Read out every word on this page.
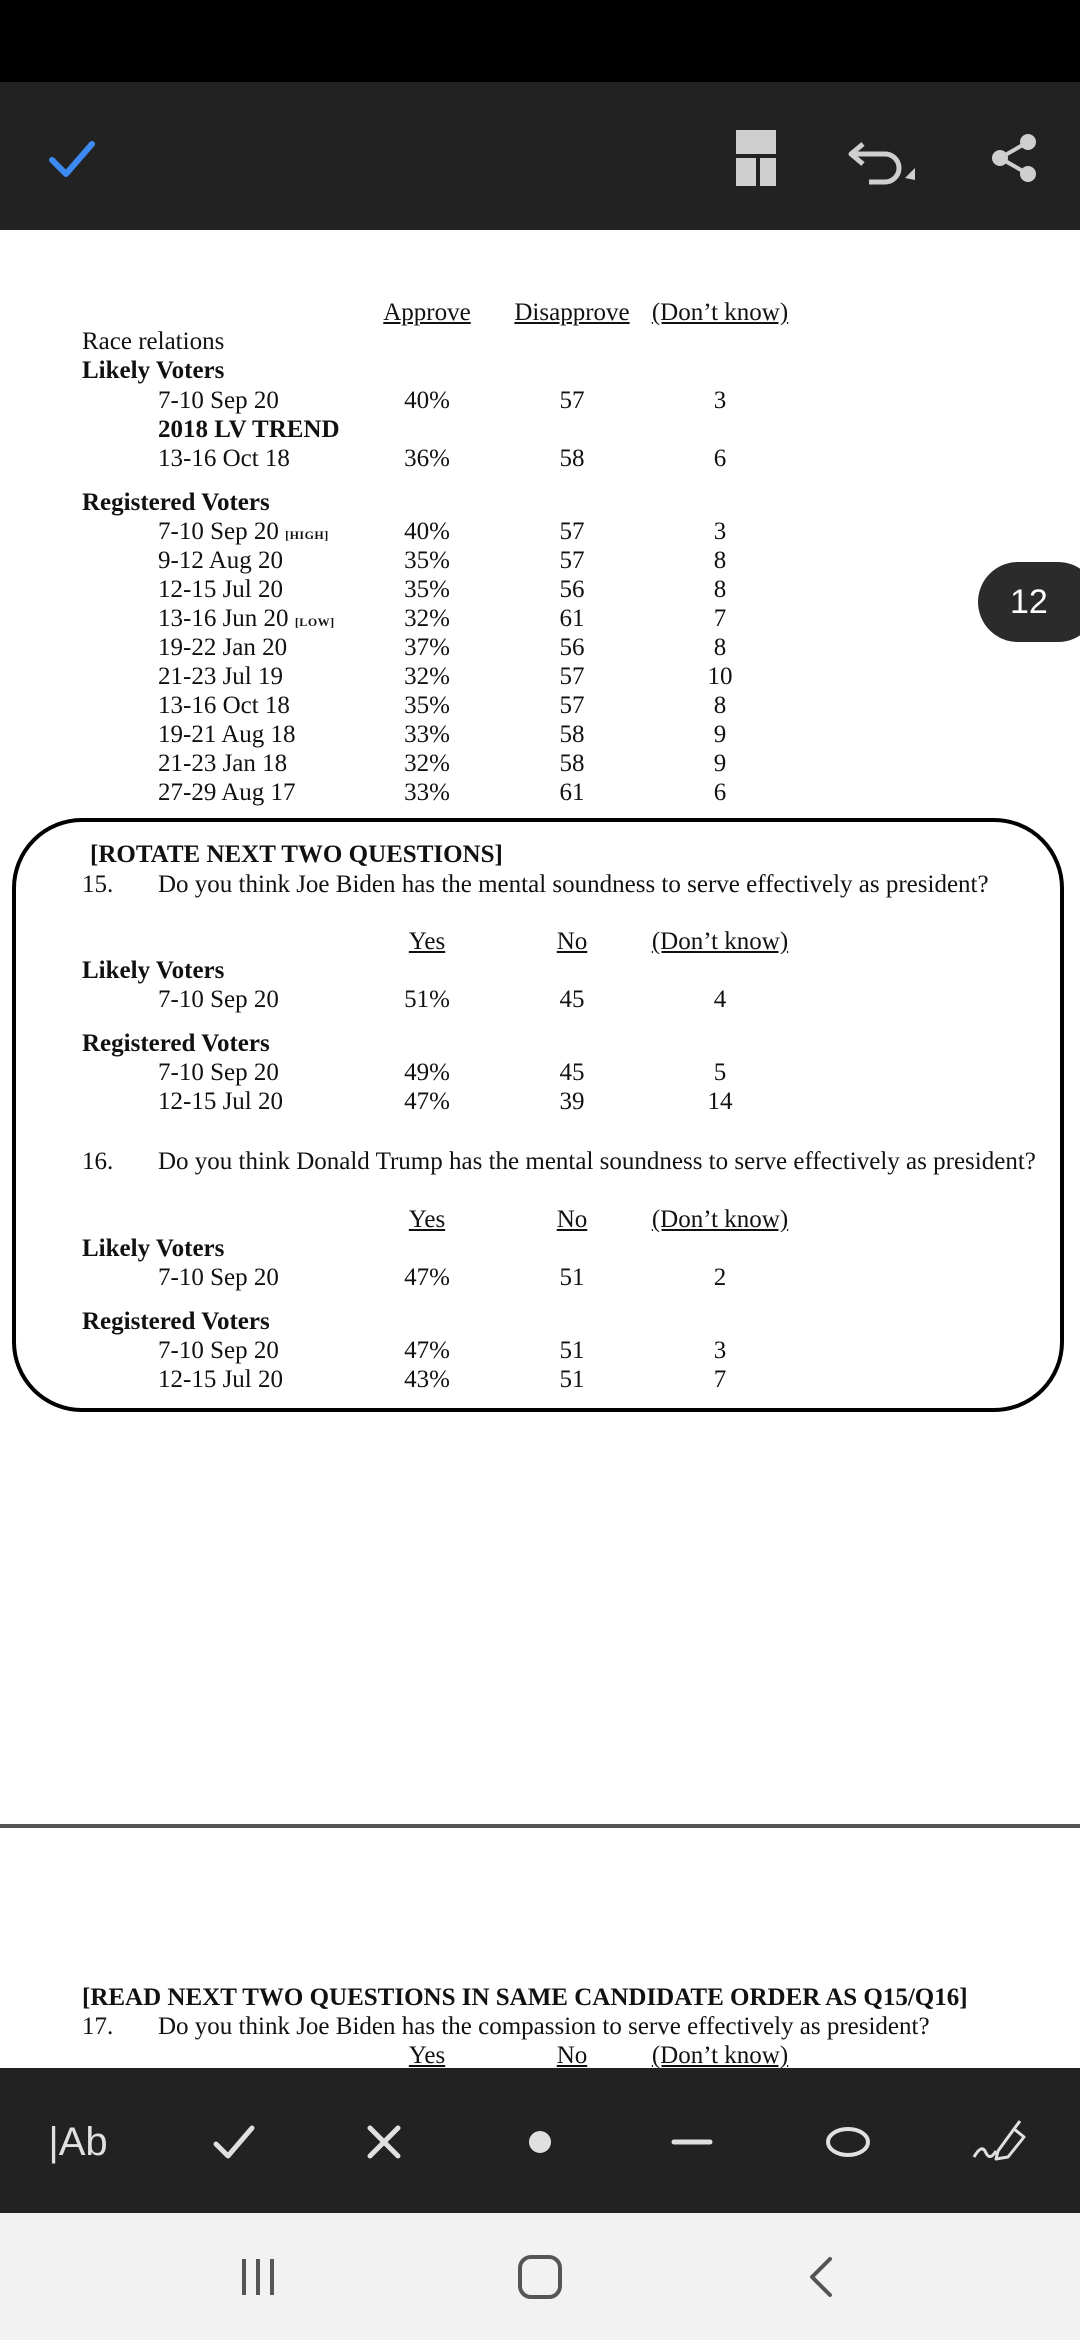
Approve Disapprove (Don’t know)
Race relations
Likely Voters
7-10 Sep 20	40%	57	3
2018 LV TREND
13-16 Oct 18	36%	58	6
Registered Voters
7-10 Sep 20 [HIGH]	40%	57	3
9-12 Aug 20	35%	57	8
12-15 Jul 20	35%	56	8
13-16 Jun 20 [LOW]	32%	61	7
19-22 Jan 20	37%	56	8
21-23 Jul 19	32%	57	10
13-16 Oct 18	35%	57	8
19-21 Aug 18	33%	58	9
21-23 Jan 18	32%	58	9
27-29 Aug 17	33%	61	6
[ROTATE NEXT TWO QUESTIONS]
15. Do you think Joe Biden has the mental soundness to serve effectively as president?
Yes	No	(Don’t know)
Likely Voters
7-10 Sep 20	51%	45	4
Registered Voters
7-10 Sep 20	49%	45	5
12-15 Jul 20	47%	39	14
16. Do you think Donald Trump has the mental soundness to serve effectively as president?
Yes	No	(Don’t know)
Likely Voters
7-10 Sep 20	47%	51	2
Registered Voters
7-10 Sep 20	47%	51	3
12-15 Jul 20	43%	51	7
[READ NEXT TWO QUESTIONS IN SAME CANDIDATE ORDER AS Q15/Q16]
17. Do you think Joe Biden has the compassion to serve effectively as president?
Yes	No	(Don’t know)
12
|Ab
